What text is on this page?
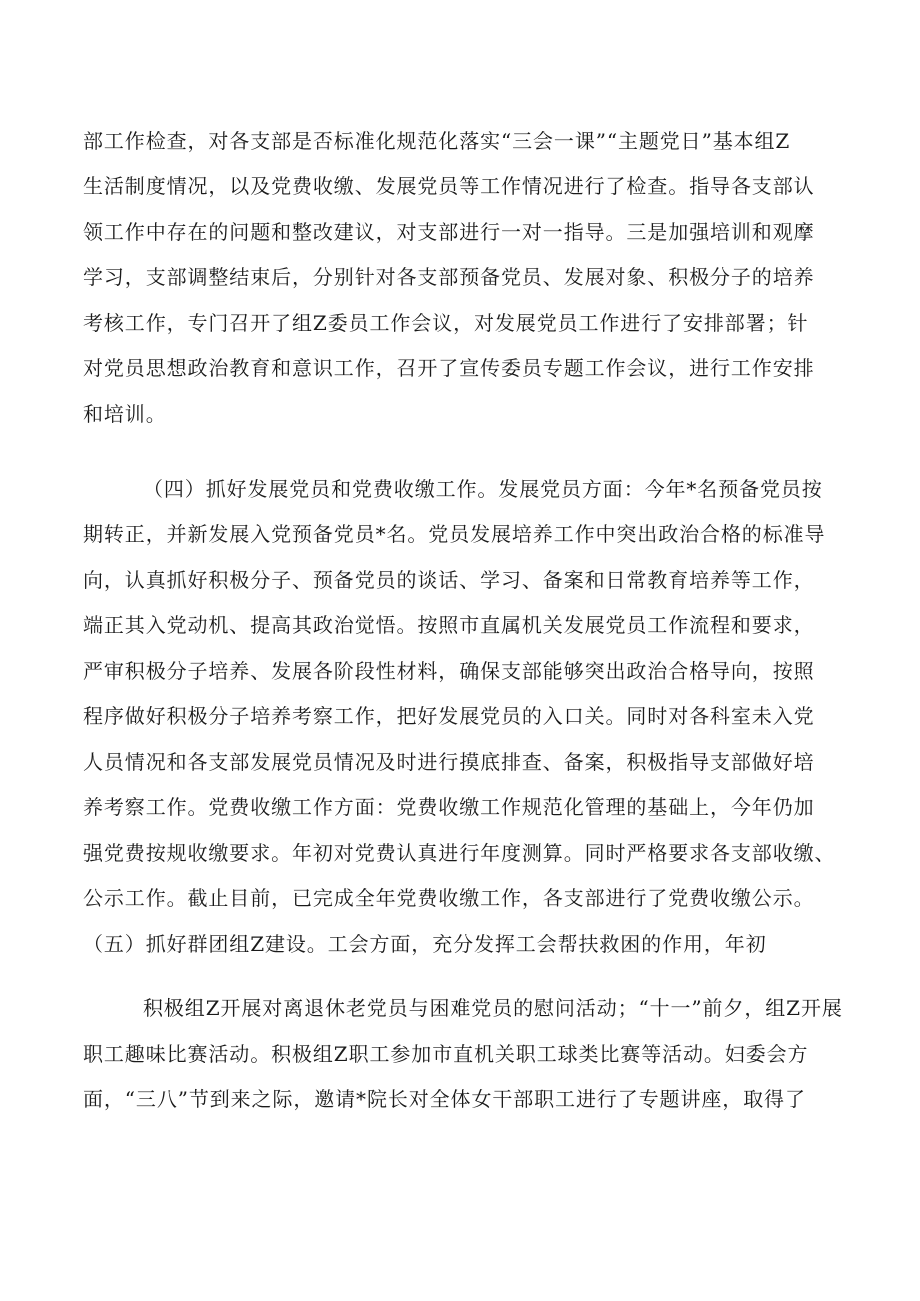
部工作检查，对各支部是否标准化规范化落实“三会一课”“主题党日”基本组Z
生活制度情况，以及党费收缴、发展党员等工作情况进行了检查。指导各支部认
领工作中存在的问题和整改建议，对支部进行一对一指导。三是加强培训和观摩
学习，支部调整结束后，分别针对各支部预备党员、发展对象、积极分子的培养
考核工作，专门召开了组Z委员工作会议，对发展党员工作进行了安排部署；针
对党员思想政治教育和意识工作，召开了宣传委员专题工作会议，进行工作安排
和培训。
（四）抓好发展党员和党费收缴工作。发展党员方面：今年*名预备党员按
期转正，并新发展入党预备党员*名。党员发展培养工作中突出政治合格的标准导
向，认真抓好积极分子、预备党员的谈话、学习、备案和日常教育培养等工作，
端正其入党动机、提高其政治觉悟。按照市直属机关发展党员工作流程和要求，
严审积极分子培养、发展各阶段性材料，确保支部能够突出政治合格导向，按照
程序做好积极分子培养考察工作，把好发展党员的入口关。同时对各科室未入党
人员情况和各支部发展党员情况及时进行摸底排查、备案，积极指导支部做好培
养考察工作。党费收缴工作方面：党费收缴工作规范化管理的基础上，今年仍加
强党费按规收缴要求。年初对党费认真进行年度测算。同时严格要求各支部收缴、
公示工作。截止目前，已完成全年党费收缴工作，各支部进行了党费收缴公示。
（五）抓好群团组Z建设。工会方面，充分发挥工会帮扶救困的作用，年初
积极组Z开展对离退休老党员与困难党员的慰问活动；“十一”前夕，组Z开展
职工趣味比赛活动。积极组Z职工参加市直机关职工球类比赛等活动。妇委会方
面，“三八”节到来之际，邀请*院长对全体女干部职工进行了专题讲座，取得了
